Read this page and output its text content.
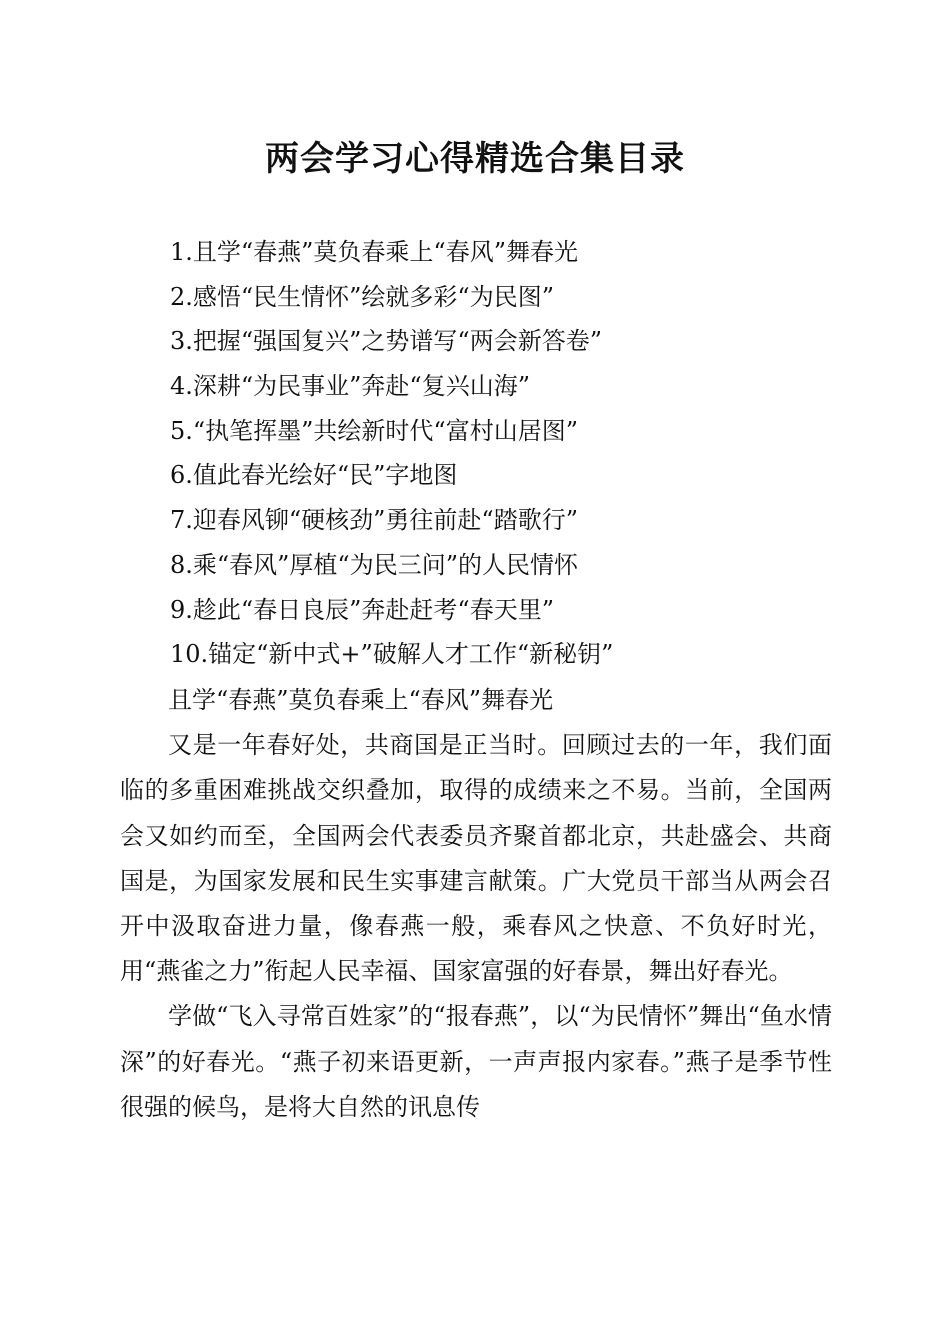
两会学习心得精选合集目录
1.且学“春燕”莫负春乘上“春风”舞春光
2.感悟“民生情怀”绘就多彩“为民图”
3.把握“强国复兴”之势谱写“两会新答卷”
4.深耕“为民事业”奔赴“复兴山海”
5.“执笔挥墨”共绘新时代“富村山居图”
6.值此春光绘好“民”字地图
7.迎春风铆“硬核劲”勇往前赴“踏歌行”
8.乘“春风”厚植“为民三问”的人民情怀
9.趁此“春日良辰”奔赴赶考“春天里”
10.锚定“新中式+”破解人才工作“新秘钥”

且学“春燕”莫负春乘上“春风”舞春光

又是一年春好处，共商国是正当时。回顾过去的一年，我们面临的多重困难挑战交织叠加，取得的成绩来之不易。当前，全国两会又如约而至，全国两会代表委员齐聚首都北京，共赴盛会、共商国是，为国家发展和民生实事建言献策。广大党员干部当从两会召开中汲取奋进力量，像春燕一般，乘春风之快意、不负好时光，用“燕雀之力”衔起人民幸福、国家富强的好春景，舞出好春光。

学做“飞入寻常百姓家”的“报春燕”，以“为民情怀”舞出“鱼水情深”的好春光。“燕子初来语更新，一声声报内家春。”燕子是季节性很强的候鸟，是将大自然的讯息传
